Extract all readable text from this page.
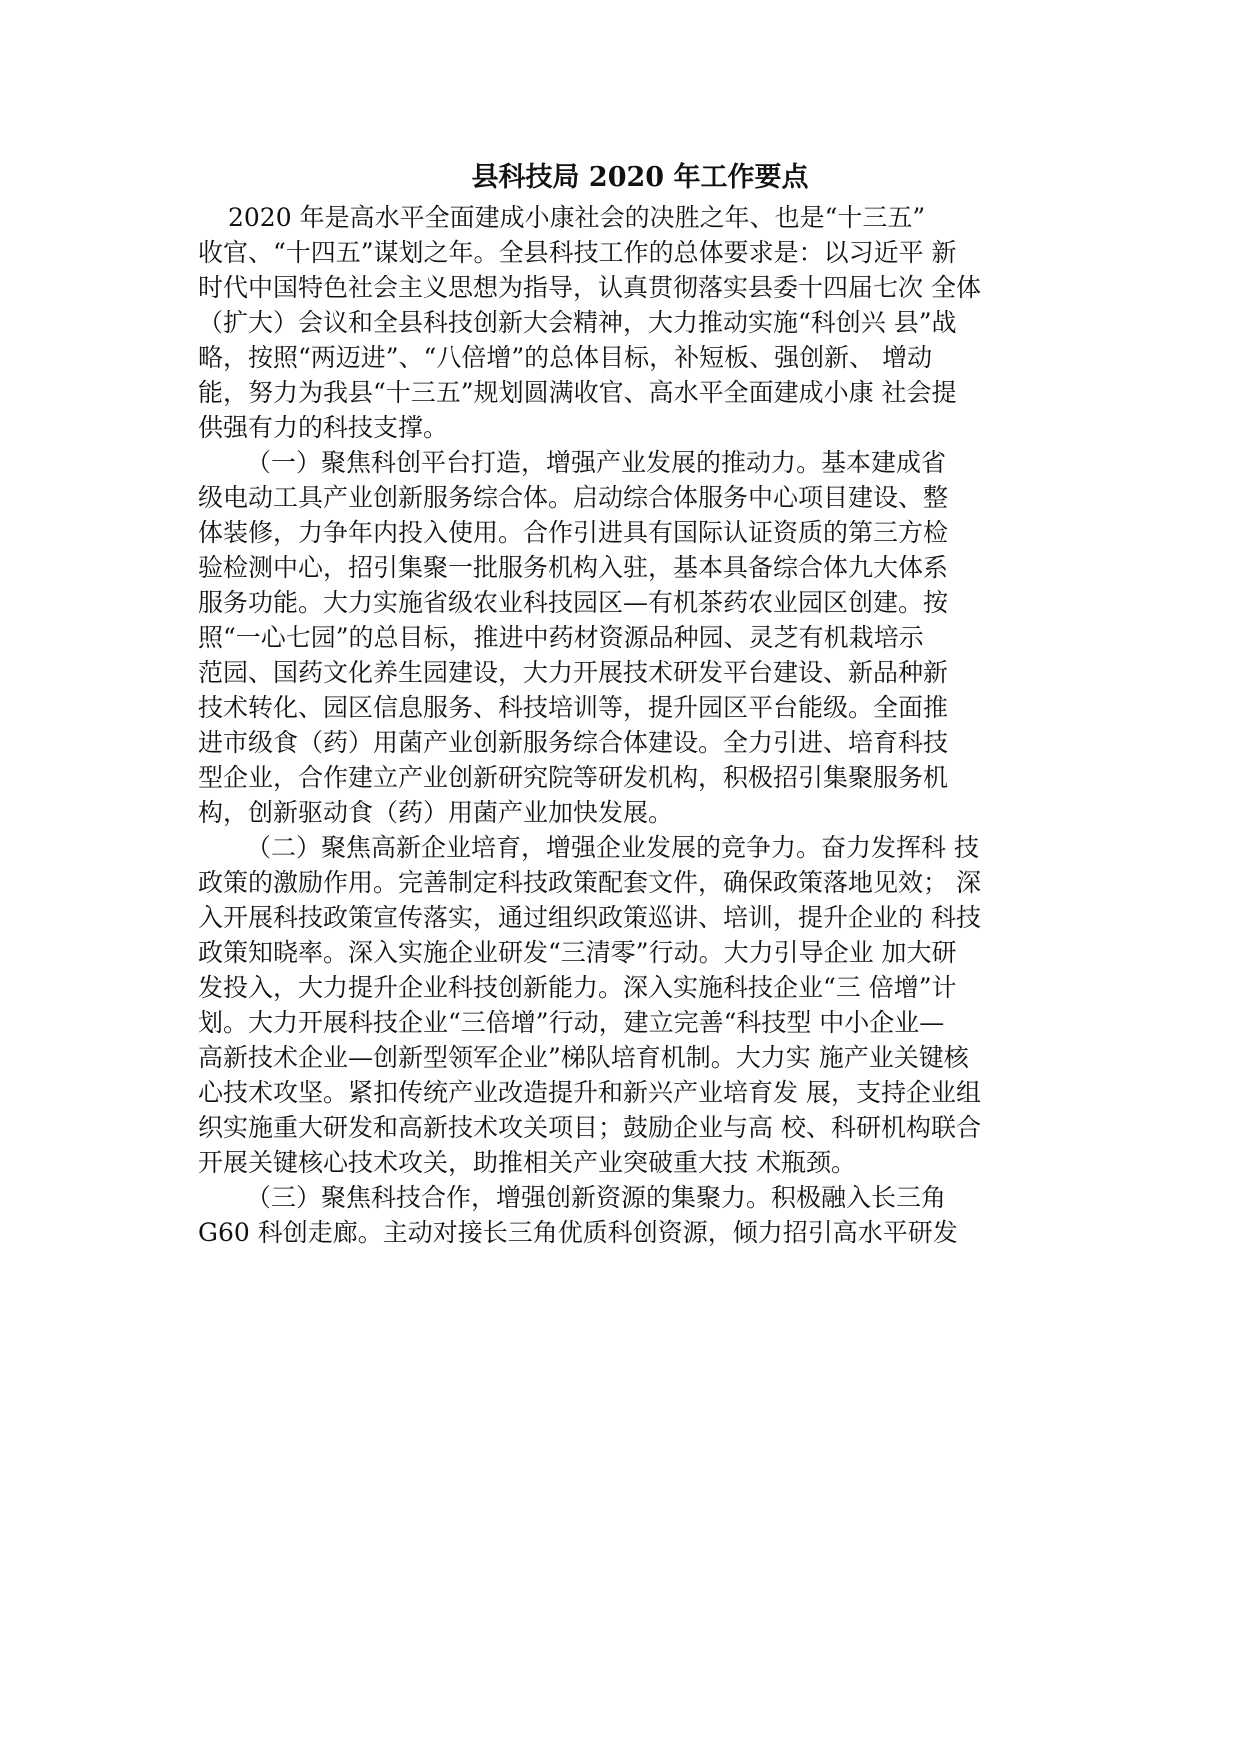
县科技局 2020 年工作要点
2020 年是高水平全面建成小康社会的决胜之年、也是“十三五”
收官、“十四五”谋划之年。全县科技工作的总体要求是：以习近平 新
时代中国特色社会主义思想为指导，认真贯彻落实县委十四届七次 全体
（扩大）会议和全县科技创新大会精神，大力推动实施“科创兴 县”战
略，按照“两迈进”、“八倍增”的总体目标，补短板、强创新、 增动
能，努力为我县“十三五”规划圆满收官、高水平全面建成小康 社会提
供强有力的科技支撑。
（一）聚焦科创平台打造，增强产业发展的推动力。基本建成省
级电动工具产业创新服务综合体。启动综合体服务中心项目建设、整
体装修，力争年内投入使用。合作引进具有国际认证资质的第三方检
验检测中心，招引集聚一批服务机构入驻，基本具备综合体九大体系
服务功能。大力实施省级农业科技园区—有机茶药农业园区创建。按
照“一心七园”的总目标，推进中药材资源品种园、灵芝有机栽培示
范园、国药文化养生园建设，大力开展技术研发平台建设、新品种新
技术转化、园区信息服务、科技培训等，提升园区平台能级。全面推
进市级食（药）用菌产业创新服务综合体建设。全力引进、培育科技
型企业，合作建立产业创新研究院等研发机构，积极招引集聚服务机
构，创新驱动食（药）用菌产业加快发展。
（二）聚焦高新企业培育，增强企业发展的竞争力。奋力发挥科 技
政策的激励作用。完善制定科技政策配套文件，确保政策落地见效； 深
入开展科技政策宣传落实，通过组织政策巡讲、培训，提升企业的 科技
政策知晓率。深入实施企业研发“三清零”行动。大力引导企业 加大研
发投入，大力提升企业科技创新能力。深入实施科技企业“三 倍增”计
划。大力开展科技企业“三倍增”行动，建立完善“科技型 中小企业—
高新技术企业—创新型领军企业”梯队培育机制。大力实 施产业关键核
心技术攻坚。紧扣传统产业改造提升和新兴产业培育发 展，支持企业组
织实施重大研发和高新技术攻关项目；鼓励企业与高 校、科研机构联合
开展关键核心技术攻关，助推相关产业突破重大技 术瓶颈。
（三）聚焦科技合作，增强创新资源的集聚力。积极融入长三角
G60 科创走廊。主动对接长三角优质科创资源，倾力招引高水平研发
